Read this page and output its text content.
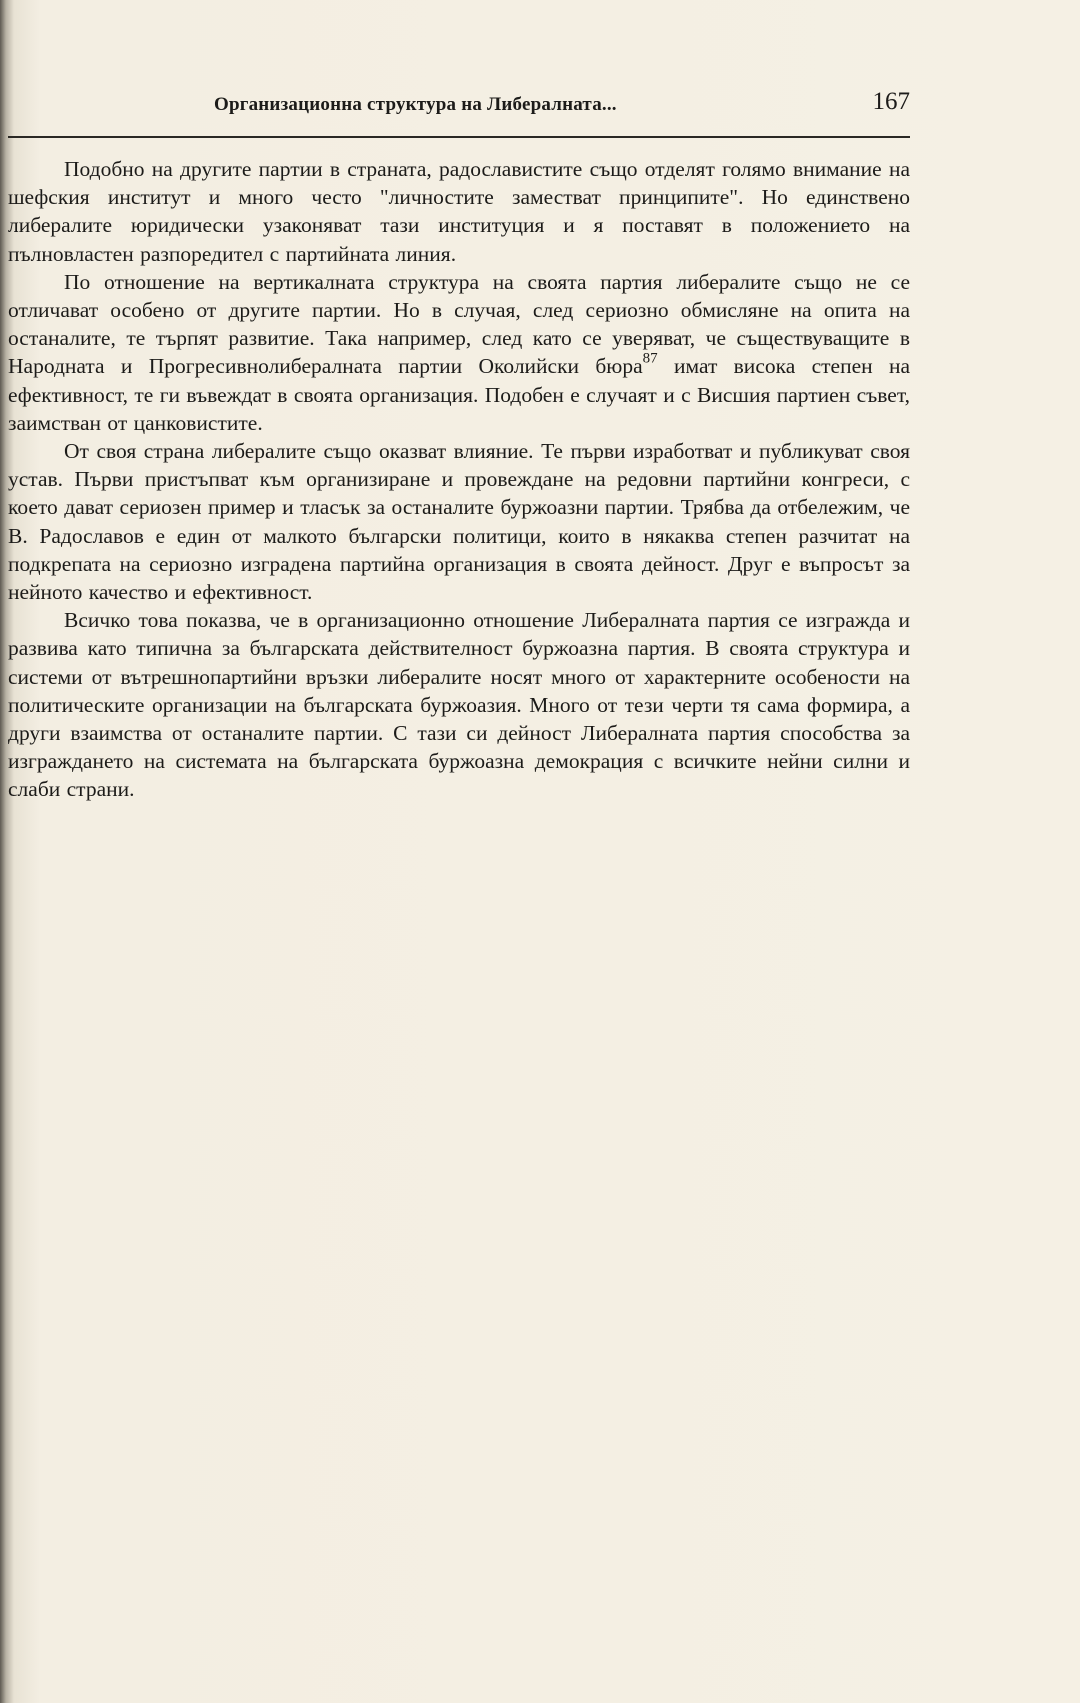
Организационна структура на Либералната...	167

Подобно на другите партии в страната, радославистите също отделят голямо внимание на шефския институт и много често "личностите заместват принципите". Но единствено либералите юридически узаконяват тази институция и я поставят в положението на пълновластен разпоредител с партийната линия.

По отношение на вертикалната структура на своята партия либералите също не се отличават особено от другите партии. Но в случая, след сериозно обмисляне на опита на останалите, те търпят развитие. Така например, след като се уверяват, че съществуващите в Народната и Прогресивнолибералната партии Околийски бюра$^{87}$ имат висока степен на ефективност, те ги въвеждат в своята организация. Подобен е случаят и с Висшия партиен съвет, заимстван от цанковистите.

От своя страна либералите също оказват влияние. Те първи изработват и публикуват своя устав. Първи пристъпват към организиране и провеждане на редовни партийни конгреси, с което дават сериозен пример и тласък за останалите буржоазни партии. Трябва да отбележим, че В. Радославов е един от малкото български политици, които в някаква степен разчитат на подкрепата на сериозно изградена партийна организация в своята дейност. Друг е въпросът за нейното качество и ефективност.

Всичко това показва, че в организационно отношение Либералната партия се изгражда и развива като типична за българската действителност буржоазна партия. В своята структура и системи от вътрешнопартийни връзки либералите носят много от характерните особености на политическите организации на българската буржоазия. Много от тези черти тя сама формира, а други взаимства от останалите партии. С тази си дейност Либералната партия способства за изграждането на системата на българската буржоазна демокрация с всичките нейни силни и слаби страни.
